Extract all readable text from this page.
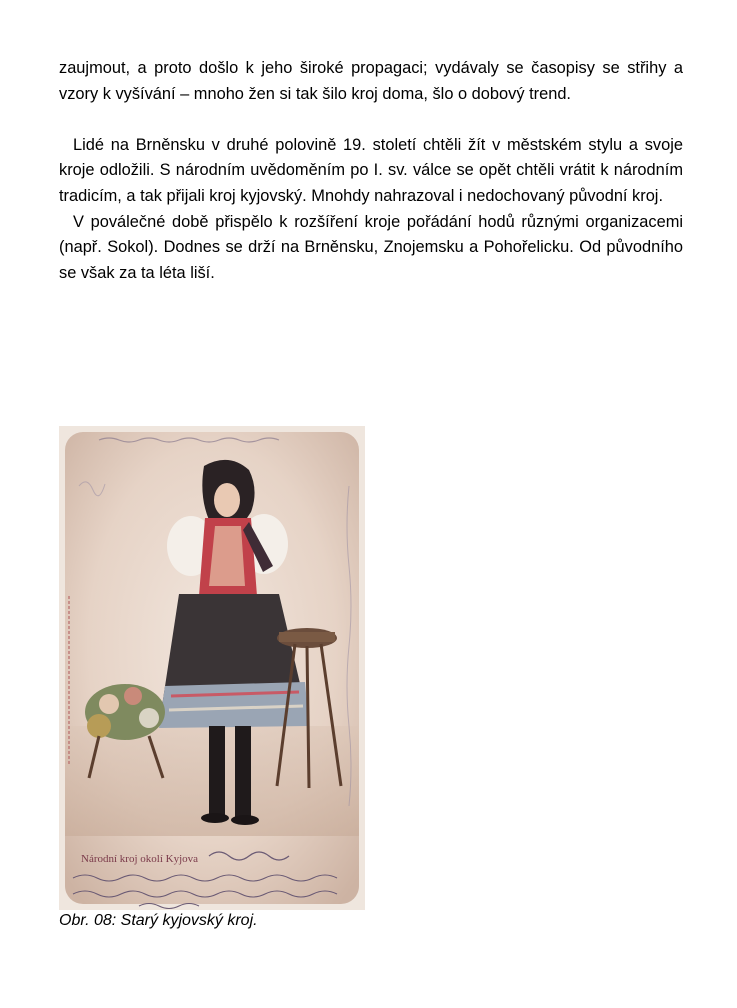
zaujmout, a proto došlo k jeho široké propagaci; vydávaly se časopisy se střihy a vzory k vyšívání – mnoho žen si tak šilo kroj doma, šlo o dobový trend.

Lidé na Brněnsku v druhé polovině 19. století chtěli žít v městském stylu a svoje kroje odložili. S národním uvědoměním po I. sv. válce se opět chtěli vrátit k národním tradicím, a tak přijali kroj kyjovský. Mnohdy nahrazoval i nedochovaný původní kroj.

V poválečné době přispělo k rozšíření kroje pořádání hodů různými organizacemi (např. Sokol). Dodnes se drží na Brněnsku, Znojemsku a Pohořelicku. Od původního se však za ta léta liší.

Národní kroj okolí Kyjova
Obr. 08: Starý kyjovský kroj.
